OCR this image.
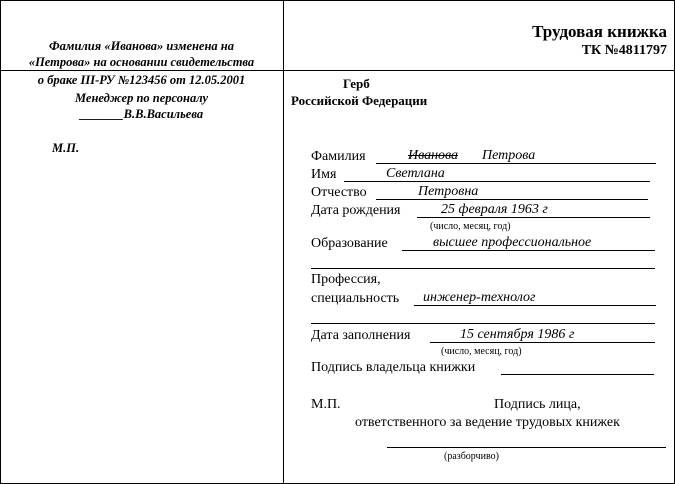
Фамилия «Иванова» изменена на
«Петрова» на основании свидетельства
о браке III-РУ №123456 от 12.05.2001
Менеджер по персоналу
_______В.В.Васильева
М.П.
Трудовая книжка
ТК №4811797
Герб
Российской Федерации
Фамилия	Иванова Петрова
Имя	Светлана
Отчество	Петровна
Дата рождения	25 февраля 1963 г
(число, месяц, год)
Образование	высшее профессиональное
Профессия,
специальность инженер-технолог
Дата заполнения	15 сентября 1986 г
(число, месяц, год)
Подпись владельца книжки
М.П.	Подпись лица,
ответственного за ведение трудовых книжек
(разборчиво)
